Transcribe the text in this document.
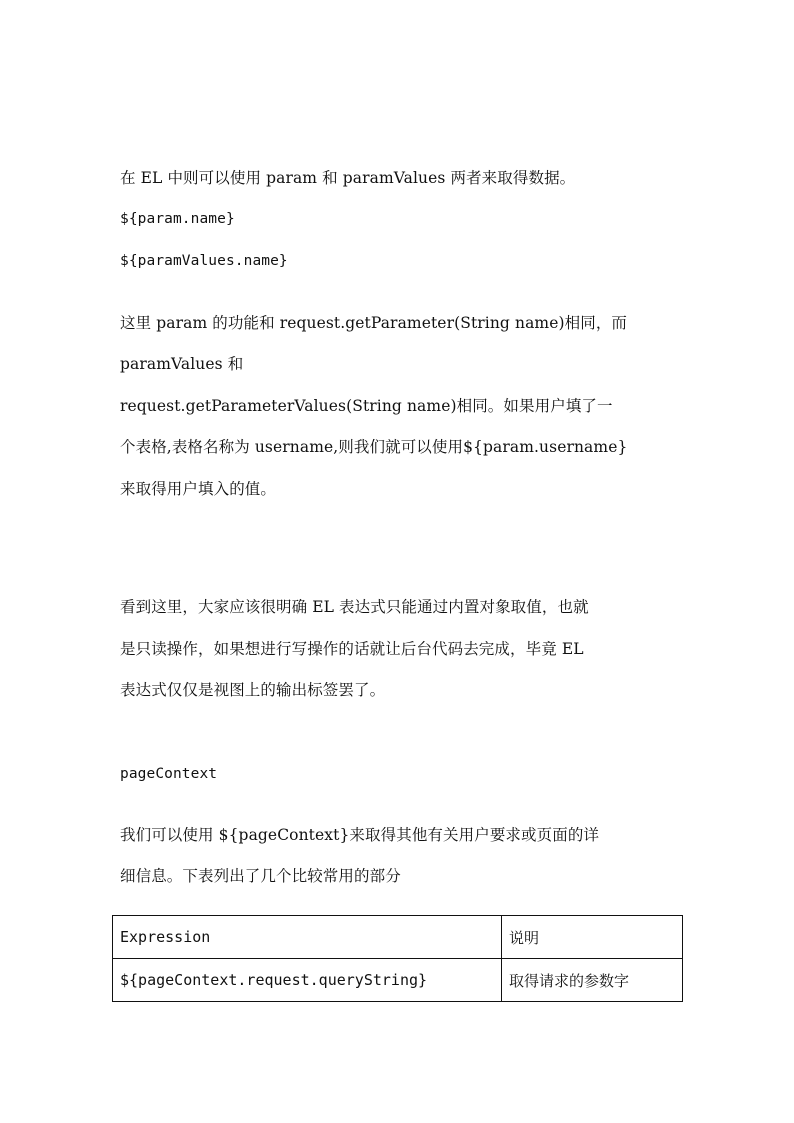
在 EL 中则可以使用 param 和 paramValues 两者来取得数据。
${param.name}
${paramValues.name}
这里 param 的功能和 request.getParameter(String name)相同，而
paramValues 和
request.getParameterValues(String name)相同。如果用户填了一
个表格,表格名称为 username,则我们就可以使用${param.username}
来取得用户填入的值。
看到这里，大家应该很明确 EL 表达式只能通过内置对象取值，也就
是只读操作，如果想进行写操作的话就让后台代码去完成，毕竟 EL
表达式仅仅是视图上的输出标签罢了。
pageContext
我们可以使用 ${pageContext}来取得其他有关用户要求或页面的详
细信息。下表列出了几个比较常用的部分
Expression	说明
${pageContext.request.queryString}	取得请求的参数字
